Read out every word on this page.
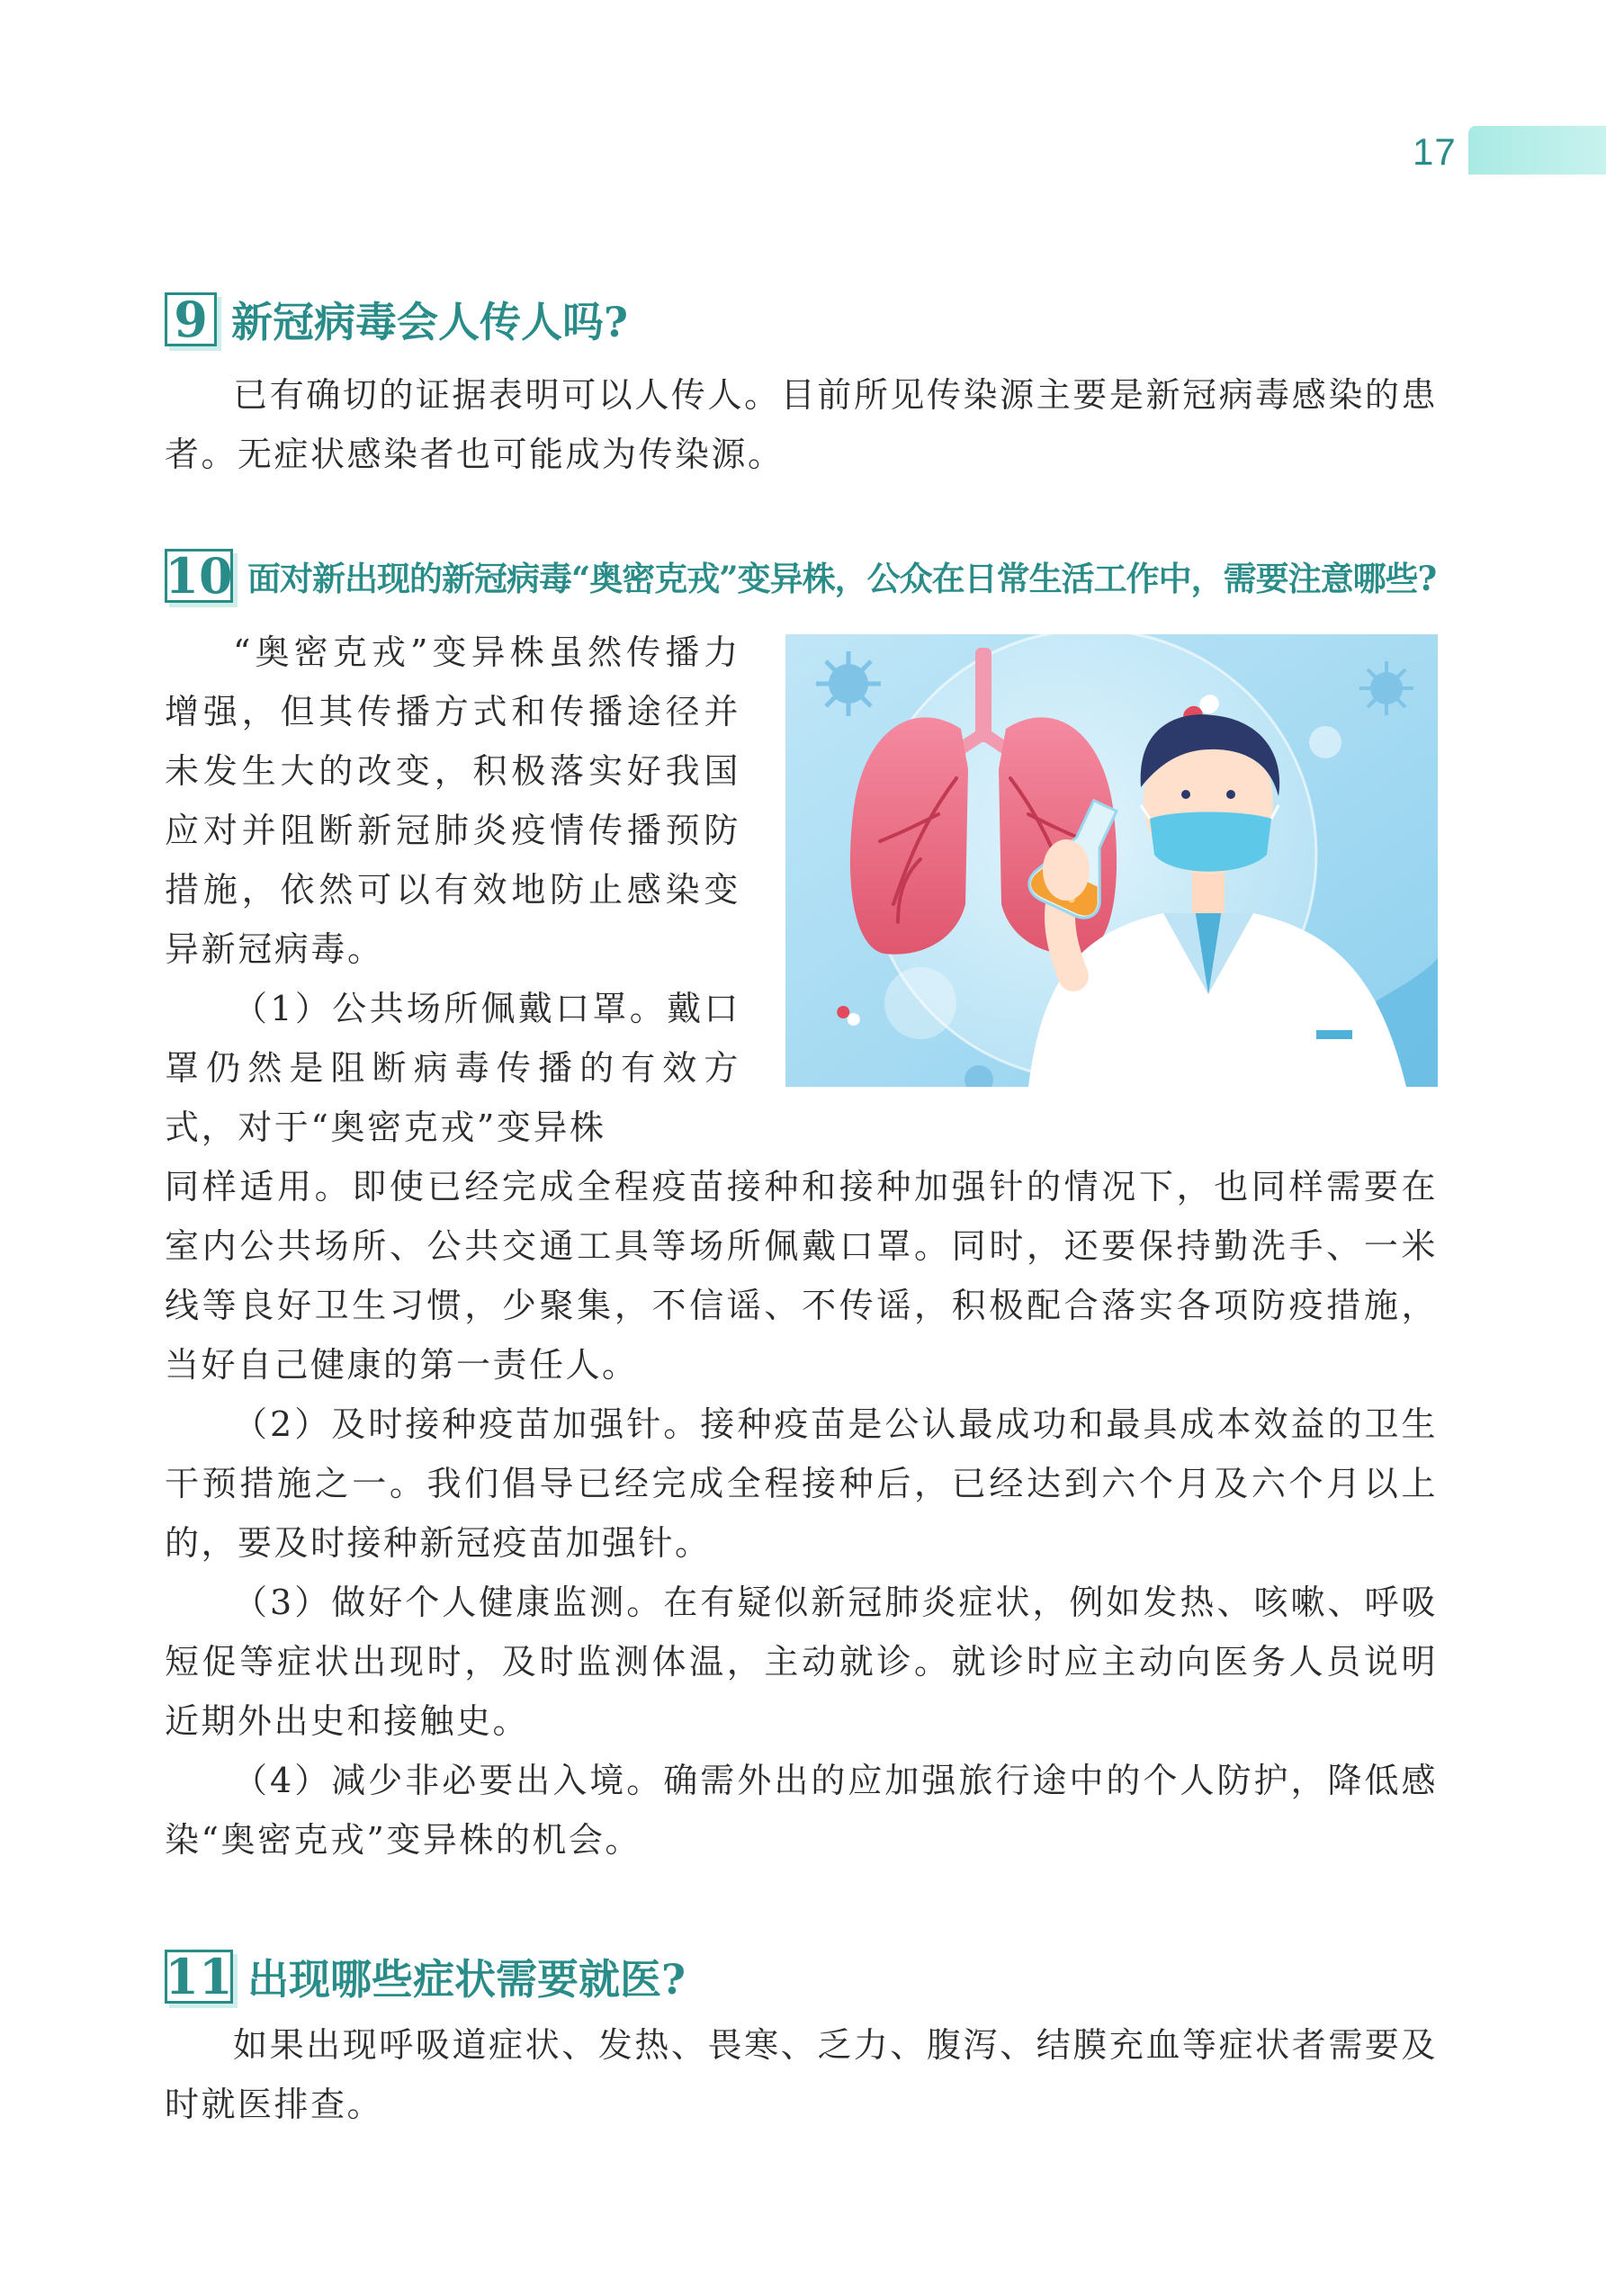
17
9 新冠病毒会人传人吗?

已有确切的证据表明可以人传人。目前所见传染源主要是新冠病毒感染的患者。无症状感染者也可能成为传染源。

10 面对新出现的新冠病毒“奥密克戎”变异株，公众在日常生活工作中，需要注意哪些?

“奥密克戎”变异株虽然传播力增强，但其传播方式和传播途径并未发生大的改变，积极落实好我国应对并阻断新冠肺炎疫情传播预防措施，依然可以有效地防止感染变异新冠病毒。

（1）公共场所佩戴口罩。戴口罩仍然是阻断病毒传播的有效方式，对于“奥密克戎”变异株

同样适用。即使已经完成全程疫苗接种和接种加强针的情况下，也同样需要在室内公共场所、公共交通工具等场所佩戴口罩。同时，还要保持勤洗手、一米线等良好卫生习惯，少聚集，不信谣、不传谣，积极配合落实各项防疫措施，当好自己健康的第一责任人。

（2）及时接种疫苗加强针。接种疫苗是公认最成功和最具成本效益的卫生干预措施之一。我们倡导已经完成全程接种后，已经达到六个月及六个月以上的，要及时接种新冠疫苗加强针。

（3）做好个人健康监测。在有疑似新冠肺炎症状，例如发热、咳嗽、呼吸短促等症状出现时，及时监测体温，主动就诊。就诊时应主动向医务人员说明近期外出史和接触史。

（4）减少非必要出入境。确需外出的应加强旅行途中的个人防护，降低感染“奥密克戎”变异株的机会。

11 出现哪些症状需要就医?

如果出现呼吸道症状、发热、畏寒、乏力、腹泻、结膜充血等症状者需要及时就医排查。
